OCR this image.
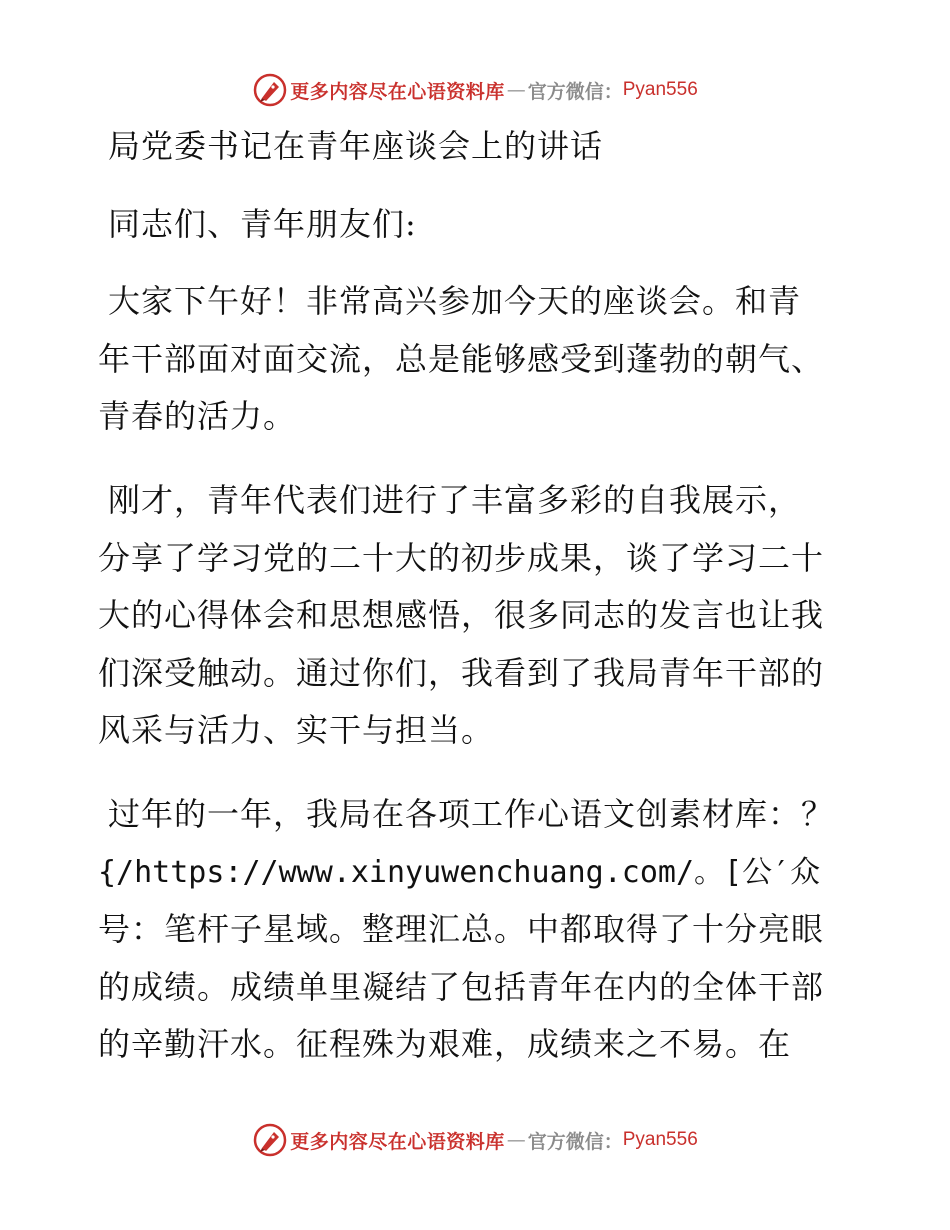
更多内容尽在心语资料库 — 官方微信： Pyan556
局党委书记在青年座谈会上的讲话
同志们、青年朋友们:
大家下午好！非常高兴参加今天的座谈会。和青
年干部面对面交流，总是能够感受到蓬勃的朝气、
青春的活力。
刚才，青年代表们进行了丰富多彩的自我展示，
分享了学习党的二十大的初步成果，谈了学习二十
大的心得体会和思想感悟，很多同志的发言也让我
们深受触动。通过你们，我看到了我局青年干部的
风采与活力、实干与担当。
过年的一年，我局在各项工作心语文创素材库：？
{/https://www.xinyuwenchuang.com/。[公′众
号：笔杆子星域。整理汇总。中都取得了十分亮眼
的成绩。成绩单里凝结了包括青年在内的全体干部
的辛勤汗水。征程殊为艰难，成绩来之不易。在
更多内容尽在心语资料库 — 官方微信： Pyan556
